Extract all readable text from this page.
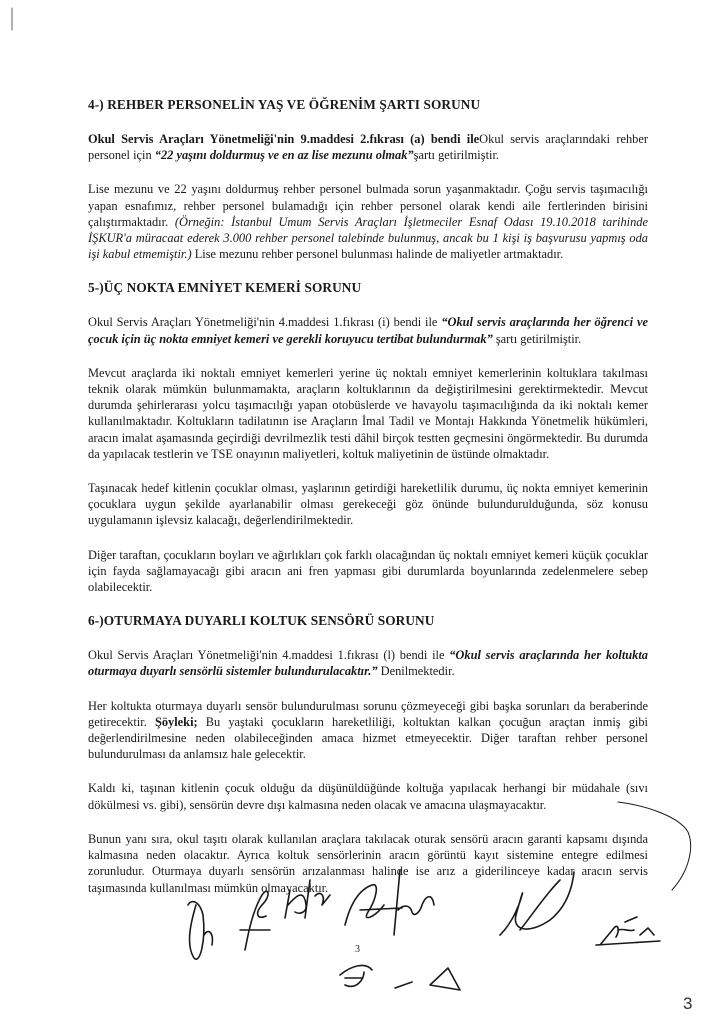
4-) REHBER PERSONELİN YAŞ VE ÖĞRENİM ŞARTI SORUNU

Okul Servis Araçları Yönetmeliği'nin 9.maddesi 2.fıkrası (a) bendi ileOkul servis araçlarındaki rehber personel için “22 yaşını doldurmuş ve en az lise mezunu olmak”şartı getirilmiştir.

Lise mezunu ve 22 yaşını doldurmuş rehber personel bulmada sorun yaşanmaktadır. Çoğu servis taşımacılığı yapan esnafımız, rehber personel bulamadığı için rehber personel olarak kendi aile fertlerinden birisini çalıştırmaktadır. (Örneğin: İstanbul Umum Servis Araçları İşletmeciler Esnaf Odası 19.10.2018 tarihinde İŞKUR'a müracaat ederek 3.000 rehber personel talebinde bulunmuş, ancak bu 1 kişi iş başvurusu yapmış oda işi kabul etmemiştir.) Lise mezunu rehber personel bulunması halinde de maliyetler artmaktadır.

5-)ÜÇ NOKTA EMNİYET KEMERİ SORUNU

Okul Servis Araçları Yönetmeliği'nin 4.maddesi 1.fıkrası (i) bendi ile “Okul servis araçlarında her öğrenci ve çocuk için üç nokta emniyet kemeri ve gerekli koruyucu tertibat bulundurmak” şartı getirilmiştir.

Mevcut araçlarda iki noktalı emniyet kemerleri yerine üç noktalı emniyet kemerlerinin koltuklara takılması teknik olarak mümkün bulunmamakta, araçların koltuklarının da değiştirilmesini gerektirmektedir. Mevcut durumda şehirlerarası yolcu taşımacılığı yapan otobüslerde ve havayolu taşımacılığında da iki noktalı kemer kullanılmaktadır. Koltukların tadilatının ise Araçların İmal Tadil ve Montajı Hakkında Yönetmelik hükümleri, aracın imalat aşamasında geçirdiği devrilmezlik testi dâhil birçok testten geçmesini öngörmektedir. Bu durumda da yapılacak testlerin ve TSE onayının maliyetleri, koltuk maliyetinin de üstünde olmaktadır.

Taşınacak hedef kitlenin çocuklar olması, yaşlarının getirdiği hareketlilik durumu, üç nokta emniyet kemerinin çocuklara uygun şekilde ayarlanabilir olması gerekeceği göz önünde bulundurulduğunda, söz konusu uygulamanın işlevsiz kalacağı, değerlendirilmektedir.

Diğer taraftan, çocukların boyları ve ağırlıkları çok farklı olacağından üç noktalı emniyet kemeri küçük çocuklar için fayda sağlamayacağı gibi aracın ani fren yapması gibi durumlarda boyunlarında zedelenmelere sebep olabilecektir.

6-)OTURMAYA DUYARLI KOLTUK SENSÖRÜ SORUNU

Okul Servis Araçları Yönetmeliği'nin 4.maddesi 1.fıkrası (l) bendi ile “Okul servis araçlarında her koltukta oturmaya duyarlı sensörlü sistemler bulundurulacaktır.” Denilmektedir.

Her koltukta oturmaya duyarlı sensör bulundurulması sorunu çözmeyeceği gibi başka sorunları da beraberinde getirecektir. Şöyleki; Bu yaştaki çocukların hareketliliği, koltuktan kalkan çocuğun araçtan inmiş gibi değerlendirilmesine neden olabileceğinden amaca hizmet etmeyecektir. Diğer taraftan rehber personel bulundurulması da anlamsız hale gelecektir.

Kaldı ki, taşınan kitlenin çocuk olduğu da düşünüldüğünde koltuğa yapılacak herhangi bir müdahale (sıvı dökülmesi vs. gibi), sensörün devre dışı kalmasına neden olacak ve amacına ulaşmayacaktır.

Bunun yanı sıra, okul taşıtı olarak kullanılan araçlara takılacak oturak sensörü aracın garanti kapsamı dışında kalmasına neden olacaktır. Ayrıca koltuk sensörlerinin aracın görüntü kayıt sistemine entegre edilmesi zorunludur. Oturmaya duyarlı sensörün arızalanması halinde ise arız a giderilinceye kadar aracın servis taşımasında kullanılması mümkün olmayacaktır.

3
3
